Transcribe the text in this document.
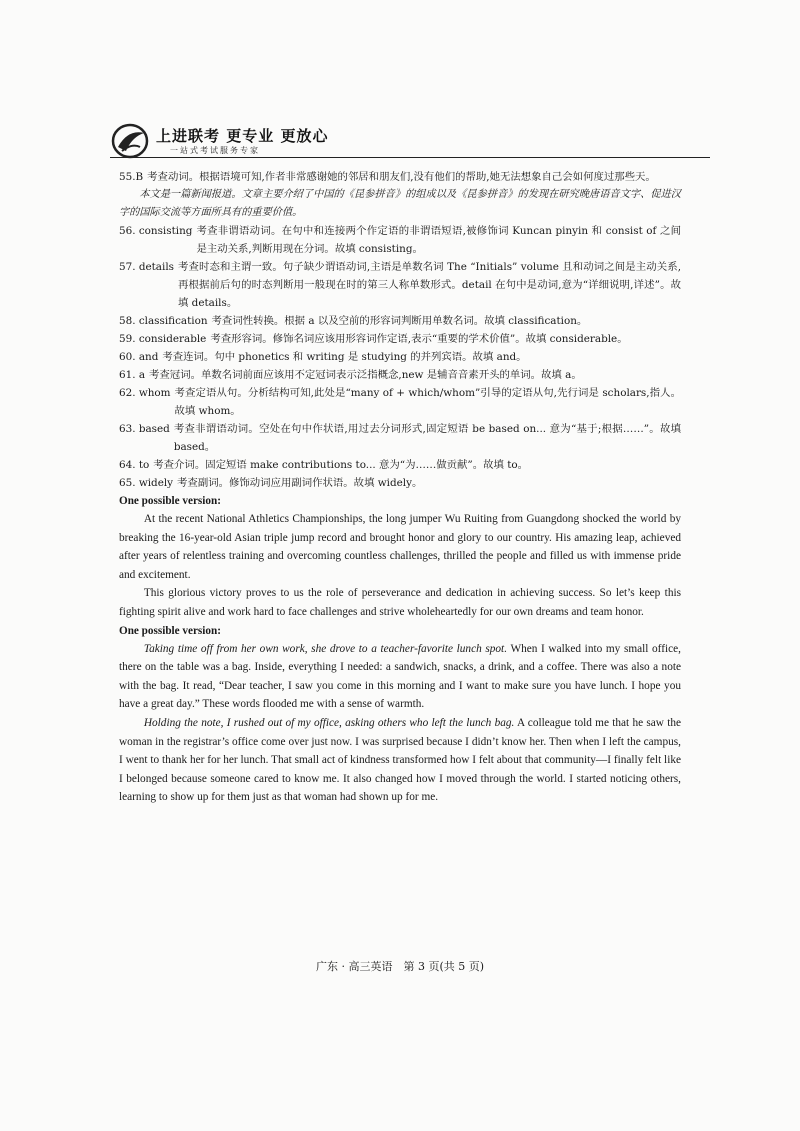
上进联考 更专业 更放心
一站式考试服务专家
55.B 考查动词。根据语境可知,作者非常感谢她的邻居和朋友们,没有他们的帮助,她无法想象自己会如何度过那些天。
本文是一篇新闻报道。文章主要介绍了中国的《昆参拼音》的组成以及《昆参拼音》的发现在研究晚唐语音文字、促进汉字的国际交流等方面所具有的重要价值。
56. consisting 考查非谓语动词。在句中和连接两个作定语的非谓语短语,被修饰词 Kuncan pinyin 和 consist of 之间是主动关系,判断用现在分词。故填 consisting。
57. details 考查时态和主谓一致。句子缺少谓语动词,主语是单数名词 The “Initials” volume 且和动词之间是主动关系,再根据前后句的时态判断用一般现在时的第三人称单数形式。detail 在句中是动词,意为“详细说明,详述”。故填 details。
58. classification 考查词性转换。根据 a 以及空前的形容词判断用单数名词。故填 classification。
59. considerable 考查形容词。修饰名词应该用形容词作定语,表示“重要的学术价值”。故填 considerable。
60. and 考查连词。句中 phonetics 和 writing 是 studying 的并列宾语。故填 and。
61. a 考查冠词。单数名词前面应该用不定冠词表示泛指概念,new 是辅音音素开头的单词。故填 a。
62. whom 考查定语从句。分析结构可知,此处是“many of + which/whom”引导的定语从句,先行词是 scholars,指人。故填 whom。
63. based 考查非谓语动词。空处在句中作状语,用过去分词形式,固定短语 be based on... 意为“基于;根据……”。故填 based。
64. to 考查介词。固定短语 make contributions to... 意为“为……做贡献”。故填 to。
65. widely 考查副词。修饰动词应用副词作状语。故填 widely。
One possible version:

At the recent National Athletics Championships, the long jumper Wu Ruiting from Guangdong shocked the world by breaking the 16-year-old Asian triple jump record and brought honor and glory to our country. His amazing leap, achieved after years of relentless training and overcoming countless challenges, thrilled the people and filled us with immense pride and excitement.

This glorious victory proves to us the role of perseverance and dedication in achieving success. So let’s keep this fighting spirit alive and work hard to face challenges and strive wholeheartedly for our own dreams and team honor.

One possible version:

Taking time off from her own work, she drove to a teacher-favorite lunch spot. When I walked into my small office, there on the table was a bag. Inside, everything I needed: a sandwich, snacks, a drink, and a coffee. There was also a note with the bag. It read, “Dear teacher, I saw you come in this morning and I want to make sure you have lunch. I hope you have a great day.” These words flooded me with a sense of warmth.

Holding the note, I rushed out of my office, asking others who left the lunch bag. A colleague told me that he saw the woman in the registrar’s office come over just now. I was surprised because I didn’t know her. Then when I left the campus, I went to thank her for her lunch. That small act of kindness transformed how I felt about that community—I finally felt like I belonged because someone cared to know me. It also changed how I moved through the world. I started noticing others, learning to show up for them just as that woman had shown up for me.

广东 · 高三英语　第 3 页(共 5 页)
